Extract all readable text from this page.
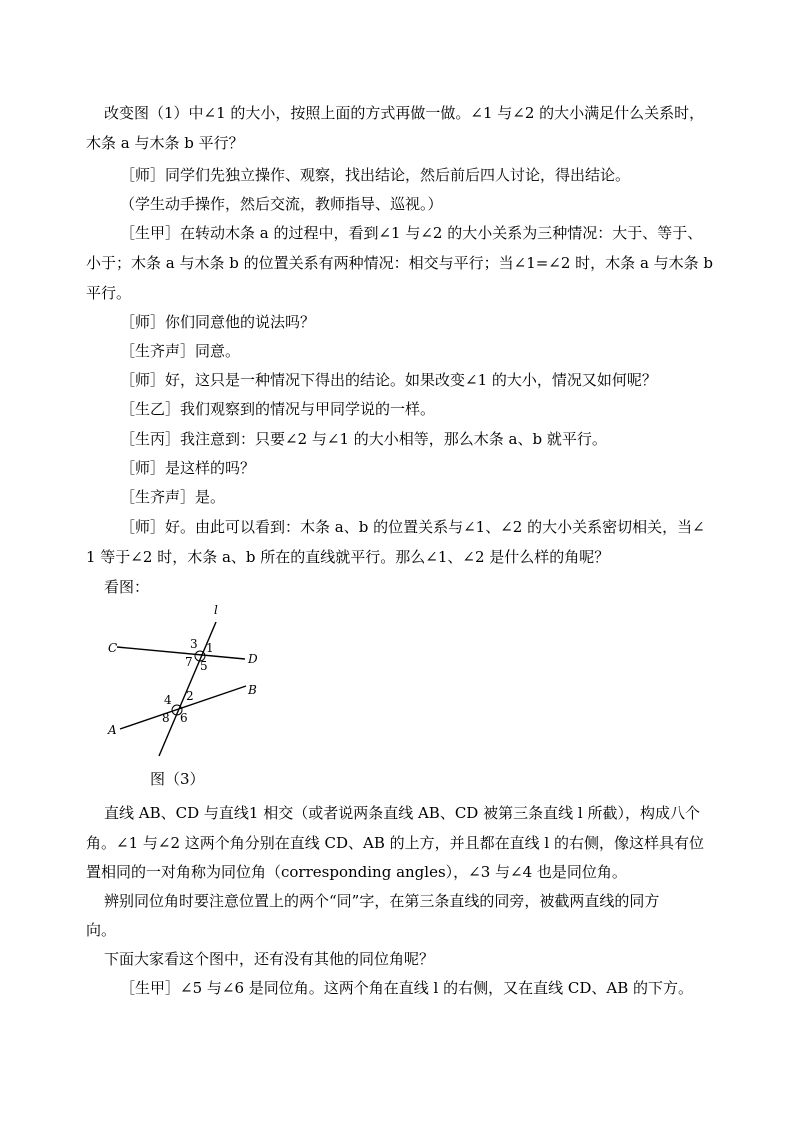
改变图（1）中∠1 的大小，按照上面的方式再做一做。∠1 与∠2 的大小满足什么关系时，
木条 a 与木条 b 平行？
［师］同学们先独立操作、观察，找出结论，然后前后四人讨论，得出结论。
（学生动手操作，然后交流，教师指导、巡视。）
［生甲］在转动木条 a 的过程中，看到∠1 与∠2 的大小关系为三种情况：大于、等于、
小于；木条 a 与木条 b 的位置关系有两种情况：相交与平行；当∠1=∠2 时，木条 a 与木条 b
平行。
［师］你们同意他的说法吗？
［生齐声］同意。
［师］好，这只是一种情况下得出的结论。如果改变∠1 的大小，情况又如何呢？
［生乙］我们观察到的情况与甲同学说的一样。
［生丙］我注意到：只要∠2 与∠1 的大小相等，那么木条 a、b 就平行。
［师］是这样的吗？
［生齐声］是。
［师］好。由此可以看到：木条 a、b 的位置关系与∠1、∠2 的大小关系密切相关，当∠
1 等于∠2 时，木条 a、b 所在的直线就平行。那么∠1、∠2 是什么样的角呢？
看图：
l
C
D
A
B
3 1
7 5
4 2
8 6
图（3）
直线 AB、CD 与直线1 相交（或者说两条直线 AB、CD 被第三条直线 l 所截），构成八个
角。∠1 与∠2 这两个角分别在直线 CD、AB 的上方，并且都在直线 l 的右侧，像这样具有位
置相同的一对角称为同位角（corresponding angles），∠3 与∠4 也是同位角。
辨别同位角时要注意位置上的两个“同”字，在第三条直线的同旁，被截两直线的同方
向。
下面大家看这个图中，还有没有其他的同位角呢？
［生甲］∠5 与∠6 是同位角。这两个角在直线 l 的右侧，又在直线 CD、AB 的下方。
